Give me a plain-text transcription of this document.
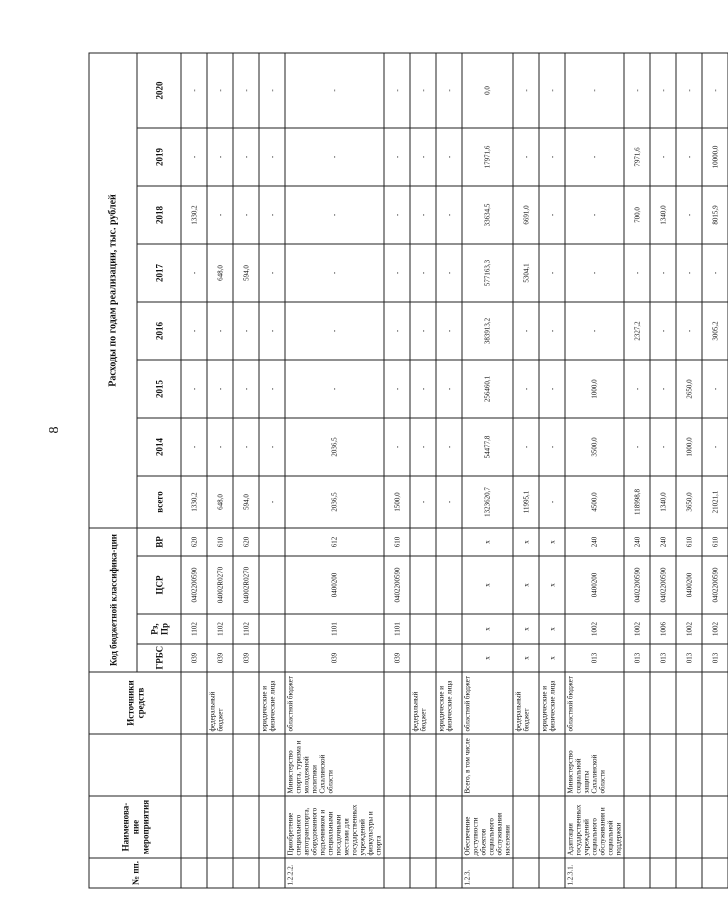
8
№ пп.	Наименова-ние мероприятия		Источники средств	Код бюджетной классифика-ции				Расходы по годам реализации, тыс. рублей							
				ГРБС	Рз, Пр	ЦСР	ВР	всего	2014	2015	2016	2017	2018	2019	2020
				039	1102	0402200590	620	1330,2	-	-	-	-	1330,2	-	-
			федеральный бюджет	039	1102	04002R0270	610	648,0	-	-	-	648,0	-	-	-
				039	1102	04002R0270	620	594,0	-	-	-	594,0	-	-	-
			юридические и физические лица					-	-	-	-	-	-	-	-
1.2.2.2.	Приобретение специального автотранспорта, оборудованного подъемником и специальными посадочными местами для государственных учреждений физкультуры и спорта	Министерство спорта, туризма и молодежной политики Сахалинской области	областной бюджет	039	1101	0400200	612	2036,5	2036,5	-	-	-	-	-	-
				039	1101	0402200590	610	1500,0	-	-	-	-	-	-	-
			федеральный бюджет					-	-	-	-	-	-	-	-
			юридические и физические лица					-	-	-	-	-	-	-	-
1.2.3.	Обеспечение доступности объектов социального обслуживания населения	Всего, в том числе	областной бюджет	х	х	х	х	1323620,7	54477,8	256460,1	383913,2	577163,3	33634,5	17971,6	0,0
			федеральный бюджет	х	х	х	х	11995,1	-	-	-	5304,1	6691,0	-	-
			юридические и физические лица	х	х	х	х	-	-	-	-	-	-	-	-
1.2.3.1.	Адаптация государственных учреждений социального обслуживания и социальной поддержки	Министерство социальной защиты Сахалинской области	областной бюджет	013	1002	0400200	240	4500,0	3500,0	1000,0	-	-	-	-	-
				013	1002	0402200590	240	118998,8	-	-	2327,2	-	700,0	7971,6	-
				013	1006	0402200590	240	1340,0	-	-	-	-	1340,0	-	-
				013	1002	0400200	610	3650,0	1000,0	2650,0	-	-	-	-	-
				013	1002	0402200590	610	21021,1	-	-	3005,2	-	8015,9	10000,0	-
